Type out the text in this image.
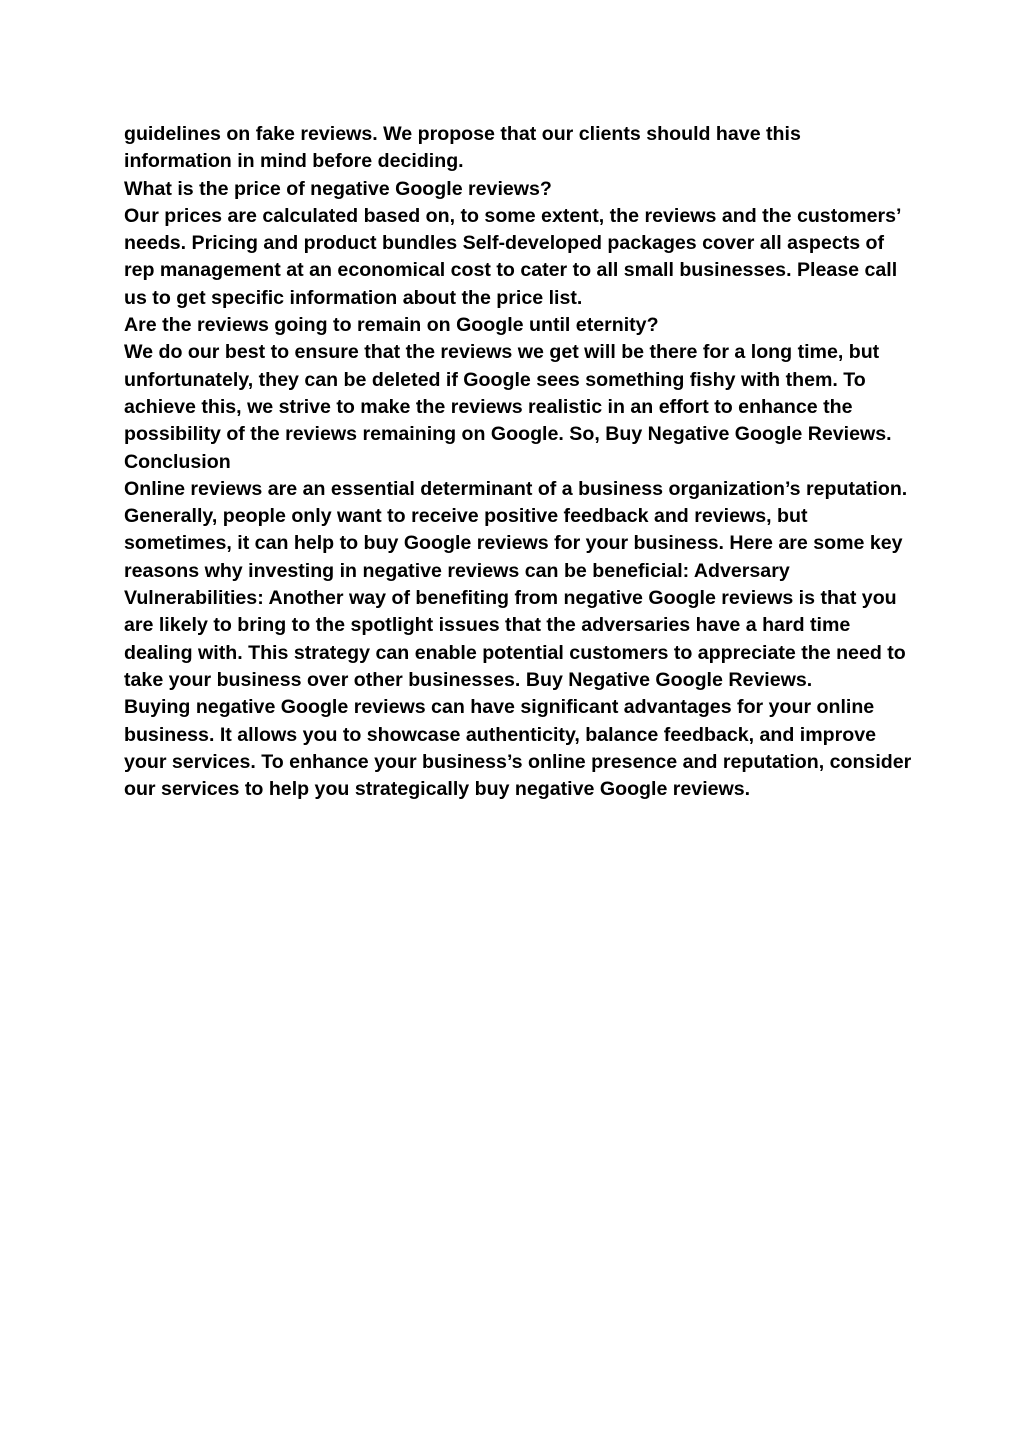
guidelines on fake reviews. We propose that our clients should have this information in mind before deciding.

What is the price of negative Google reviews?

Our prices are calculated based on, to some extent, the reviews and the customers’ needs. Pricing and product bundles Self-developed packages cover all aspects of rep management at an economical cost to cater to all small businesses. Please call us to get specific information about the price list.

Are the reviews going to remain on Google until eternity?

We do our best to ensure that the reviews we get will be there for a long time, but unfortunately, they can be deleted if Google sees something fishy with them. To achieve this, we strive to make the reviews realistic in an effort to enhance the possibility of the reviews remaining on Google. So, Buy Negative Google Reviews.

Conclusion

Online reviews are an essential determinant of a business organization’s reputation. Generally, people only want to receive positive feedback and reviews, but sometimes, it can help to buy Google reviews for your business. Here are some key reasons why investing in negative reviews can be beneficial: Adversary Vulnerabilities: Another way of benefiting from negative Google reviews is that you are likely to bring to the spotlight issues that the adversaries have a hard time dealing with. This strategy can enable potential customers to appreciate the need to take your business over other businesses. Buy Negative Google Reviews.

Buying negative Google reviews can have significant advantages for your online business. It allows you to showcase authenticity, balance feedback, and improve your services. To enhance your business’s online presence and reputation, consider our services to help you strategically buy negative Google reviews.
